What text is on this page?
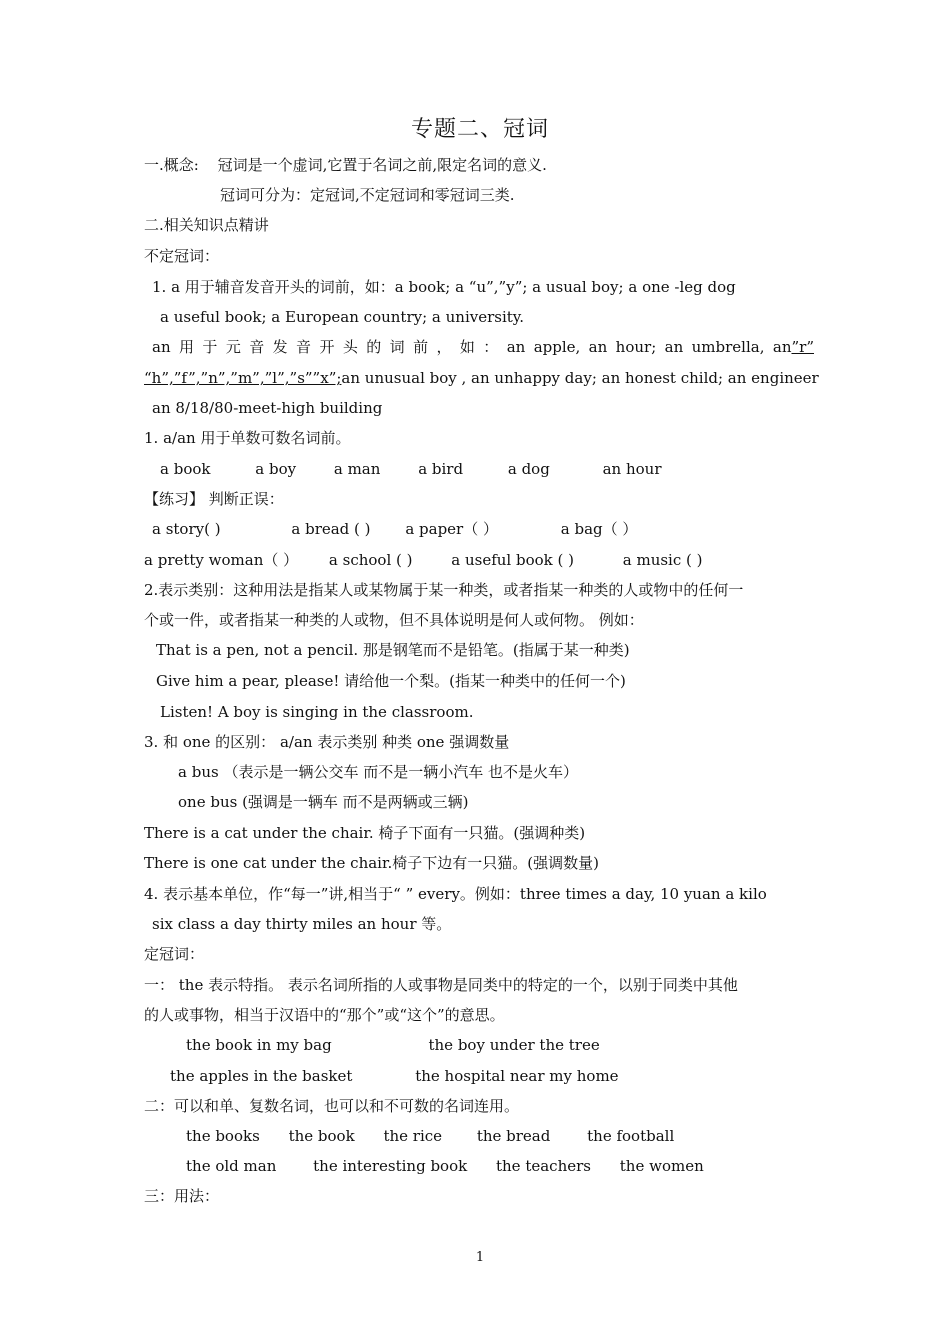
专题二、冠词
一.概念: 冠词是一个虚词,它置于名词之前,限定名词的意义.
冠词可分为：定冠词,不定冠词和零冠词三类.
二.相关知识点精讲
不定冠词：
1. a 用于辅音发音开头的词前，如：a book; a “u”,”y”; a usual boy; a one -leg dog
a useful book; a European country; a university.
an 用 于 元 音 发 音 开 头 的 词 前 ， 如 ： an apple, an hour; an umbrella, an”r”
“h”,”f”,”n”,”m”,”l”,”s””x”;an unusual boy , an unhappy day; an honest child; an engineer
an 8/18/80-meet-high building
1. a/an 用于单数可数名词前。
a book	a boy	a man	a bird	a dog	an hour
【练习】 判断正误：
a story( )	a bread ( ) a paper（ ）	a bag（ ）
a pretty woman（ ） a school ( )	a useful book ( )	a music ( )
2.表示类别：这种用法是指某人或某物属于某一种类，或者指某一种类的人或物中的任何一
个或一件，或者指某一种类的人或物，但不具体说明是何人或何物。 例如：
That is a pen, not a pencil. 那是钢笔而不是铅笔。(指属于某一种类)
Give him a pear, please! 请给他一个梨。(指某一种类中的任何一个)
Listen! A boy is singing in the classroom.
3. 和 one 的区别： a/an 表示类别 种类 one 强调数量
a bus （表示是一辆公交车 而不是一辆小汽车 也不是火车）
one bus (强调是一辆车 而不是两辆或三辆)
There is a cat under the chair. 椅子下面有一只猫。(强调种类)
There is one cat under the chair.椅子下边有一只猫。(强调数量)
4. 表示基本单位，作“每一”讲,相当于“ ” every。例如：three times a day, 10 yuan a kilo
six class a day thirty miles an hour 等。
定冠词：
一： the 表示特指。 表示名词所指的人或事物是同类中的特定的一个，以别于同类中其他
的人或事物，相当于汉语中的“那个”或“这个”的意思。
the book in my bag	the boy under the tree
the apples in the basket	the hospital near my home
二：可以和单、复数名词，也可以和不可数的名词连用。
the books the book the rice the bread the football
the old man the interesting book the teachers the women
三：用法：
1
